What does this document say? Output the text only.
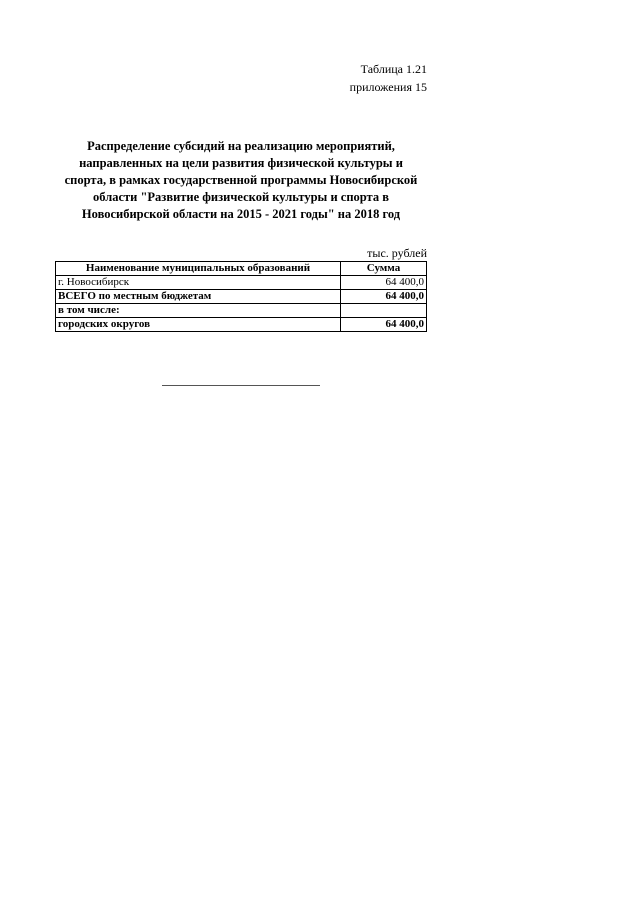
Таблица 1.21
приложения 15
Распределение субсидий на реализацию мероприятий,
направленных на цели развития физической культуры и
спорта, в рамках государственной программы Новосибирской
области "Развитие физической культуры и спорта в
Новосибирской области на 2015 - 2021 годы" на 2018 год
тыс. рублей
Наименование муниципальных образований	Сумма
г. Новосибирск	64 400,0
ВСЕГО по местным бюджетам	64 400,0
в том числе:	
городских округов	64 400,0
